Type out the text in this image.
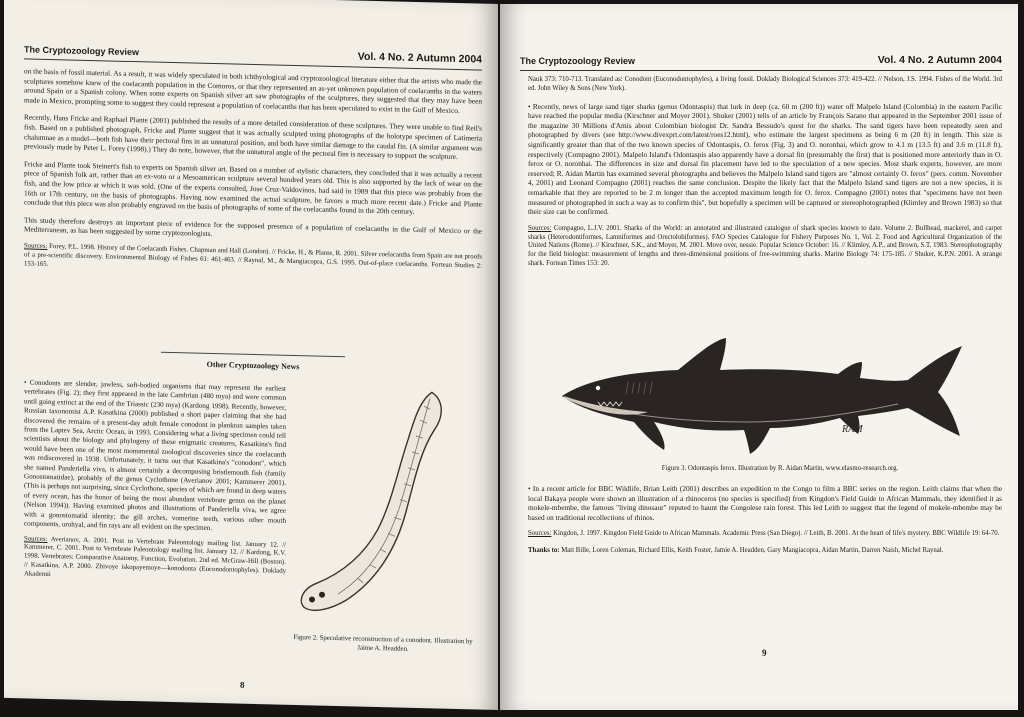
The Cryptozoology Review	Vol. 4 No. 2 Autumn 2004

on the basis of fossil material. As a result, it was widely speculated in both ichthyological and cryptozoological literature either that the artists who made the sculptures somehow knew of the coelacanth population in the Comoros, or that they represented an as-yet unknown population of coelacanths in the waters around Spain or a Spanish colony. When some experts on Spanish silver art saw photographs of the sculptures, they suggested that they may have been made in Mexico, prompting some to suggest they could represent a population of coelacanths that has been speculated to exist in the Gulf of Mexico.

Recently, Hans Fricke and Raphael Plante (2001) published the results of a more detailed consideration of these sculptures. They were unable to find Reil's fish. Based on a published photograph, Fricke and Plante suggest that it was actually sculpted using photographs of the holotype specimen of Latimeria chalumnae as a model—both fish have their pectoral fins in an unnatural position, and both have similar damage to the caudal fin. (A similar argument was previously made by Peter L. Forey (1998).) They do note, however, that the unnatural angle of the pectoral fins is necessary to support the sculpture.

Fricke and Plante took Steinert's fish to experts on Spanish silver art. Based on a number of stylistic characters, they concluded that it was actually a recent piece of Spanish folk art, rather than an ex-voto or a Mesoamerican sculpture several hundred years old. This is also supported by the lack of wear on the fish, and the low price at which it was sold. (One of the experts consulted, Jose Cruz-Valdovinos, had said in 1989 that this piece was probably from the 16th or 17th century, on the basis of photographs. Having now examined the actual sculpture, he favors a much more recent date.) Fricke and Plante conclude that this piece was also probably engraved on the basis of photographs of some of the coelacanths found in the 20th century.

This study therefore destroys an important piece of evidence for the supposed presence of a population of coelacanths in the Gulf of Mexico or the Mediterranean, as has been suggested by some cryptozoologists.

Sources: Forey, P.L. 1998. History of the Coelacanth Fishes. Chapman and Hall (London). // Fricke, H., & Plante, R. 2001. Silver coelacanths from Spain are not proofs of a pre-scientific discovery. Environmental Biology of Fishes 61: 461-463. // Raynal, M., & Mangiacopra, G.S. 1995. Out-of-place coelacanths. Fortean Studies 2: 153-165.

Other Cryptozoology News
• Conodonts are slender, jawless, soft-bodied organisms that may represent the earliest vertebrates (Fig. 2); they first appeared in the late Cambrian (480 mya) and were common until going extinct at the end of the Triassic (230 mya) (Kardong 1998). Recently, however, Russian taxonomist A.P. Kasatkina (2000) published a short paper claiming that she had discovered the remains of a present-day adult female conodont in plankton samples taken from the Laptev Sea, Arctic Ocean, in 1993. Considering what a living specimen could tell scientists about the biology and phylogeny of these enigmatic creatures, Kasatkina's find would have been one of the most monumental zoological discoveries since the coelacanth was rediscovered in 1938. Unfortunately, it turns out that Kasatkina's "conodont", which she named Panderiella viva, is almost certainly a decomposing bristlemouth fish (family Gonostomatidae), probably of the genus Cyclothone (Averianov 2001; Kammerer 2001). (This is perhaps not surprising, since Cyclothone, species of which are found in deep waters of every ocean, has the honor of being the most abundant vertebrate genus on the planet (Nelson 1994)). Having examined photos and illustrations of Panderiella viva, we agree with a gonostomatid identity; the gill arches, vomerine teeth, various other mouth components, urohyal, and fin rays are all evident on the specimen.
Sources: Averianov, A. 2001. Post to Vertebrate Paleontology mailing list. January 12. // Kammerer, C. 2001. Post to Vertebrate Paleontology mailing list. January 12. // Kardong, K.V. 1998. Vertebrates: Comparative Anatomy, Function, Evolution. 2nd ed. McGraw-Hill (Boston). // Kasatkina, A.P. 2000. Zhivoye iskopayemoye—konodonta (Euconodontophyles). Doklady Akademii
Figure 2. Speculative reconstruction of a conodont. Illustration by Jaime A. Headden.
8
The Cryptozoology Review	Vol. 4 No. 2 Autumn 2004

Nauk 373: 710-713. Translated as: Conodont (Euconodontophyles), a living fossil. Doklady Biological Sciences 373: 419-422. // Nelson, J.S. 1994. Fishes of the World. 3rd ed. John Wiley & Sons (New York).

• Recently, news of large sand tiger sharks (genus Odontaspis) that lurk in deep (ca. 60 m (200 ft)) water off Malpelo Island (Colombia) in the eastern Pacific have reached the popular media (Kirschner and Moyer 2001). Shuker (2001) tells of an article by François Sarano that appeared in the September 2001 issue of the magazine 30 Millions d'Amis about Colombian biologist Dr. Sandra Bessudo's quest for the sharks. The sand tigers have been repeatedly seen and photographed by divers (see http://www.divexprt.com/latest/roes12.html), who estimate the largest specimens as being 6 m (20 ft) in length. This size is significantly greater than that of the two known species of Odontaspis, O. ferox (Fig. 3) and O. noronhai, which grow to 4.1 m (13.5 ft) and 3.6 m (11.8 ft), respectively (Compagno 2001). Malpelo Island's Odontaspis also apparently have a dorsal fin (presumably the first) that is positioned more anteriorly than in O. ferox or O. noronhai. The differences in size and dorsal fin placement have led to the speculation of a new species. Most shark experts, however, are more reserved; R. Aidan Martin has examined several photographs and believes the Malpelo Island sand tigers are "almost certainly O. ferox" (pers. comm. November 4, 2001) and Leonard Compagno (2001) reaches the same conclusion. Despite the likely fact that the Malpelo Island sand tigers are not a new species, it is remarkable that they are reported to be 2 m longer than the accepted maximum length for O. ferox. Compagno (2001) notes that "specimens have not been measured or photographed in such a way as to confirm this", but hopefully a specimen will be captured or stereophotographed (Klimley and Brown 1983) so that their size can be confirmed.

Sources: Compagno, L.J.V. 2001. Sharks of the World: an annotated and illustrated catalogue of shark species known to date. Volume 2. Bullhead, mackerel, and carpet sharks (Heterodontiformes, Lamniformes and Orectolobiformes). FAO Species Catalogue for Fishery Purposes No. 1, Vol. 2. Food and Agricultural Organization of the United Nations (Rome). // Kirschner, S.K., and Moyer, M. 2001. Move over, nessie. Popular Science October: 16. // Klimley, A.P., and Brown, S.T. 1983. Stereophotography for the field biologist: measurement of lengths and three-dimensional positions of free-swimming sharks. Marine Biology 74: 175-185. // Shuker, K.P.N. 2001. A strange shark. Fortean Times 153: 20.

RAM
Figure 3. Odontaspis ferox. Illustration by R. Aidan Martin, www.elasmo-research.org.

• In a recent article for BBC Wildlife, Brian Leith (2001) describes an expedition to the Congo to film a BBC series on the region. Leith claims that when the local Bakaya people were shown an illustration of a rhinoceros (no species is specified) from Kingdon's Field Guide to African Mammals, they identified it as mokele-mbembe, the famous "living dinosaur" reputed to haunt the Congolese rain forest. This led Leith to suggest that the legend of mokele-mbembe may be based on traditional recollections of rhinos.

Sources: Kingdon, J. 1997. Kingdon Field Guide to African Mammals. Academic Press (San Diego). // Leith, B. 2001. At the heart of life's mystery. BBC Wildlife 19: 64-70.

Thanks to: Matt Bille, Loren Coleman, Richard Ellis, Keith Foster, Jamie A. Headden, Gary Mangiacopra, Aidan Martin, Darren Naish, Michel Raynal.

9
